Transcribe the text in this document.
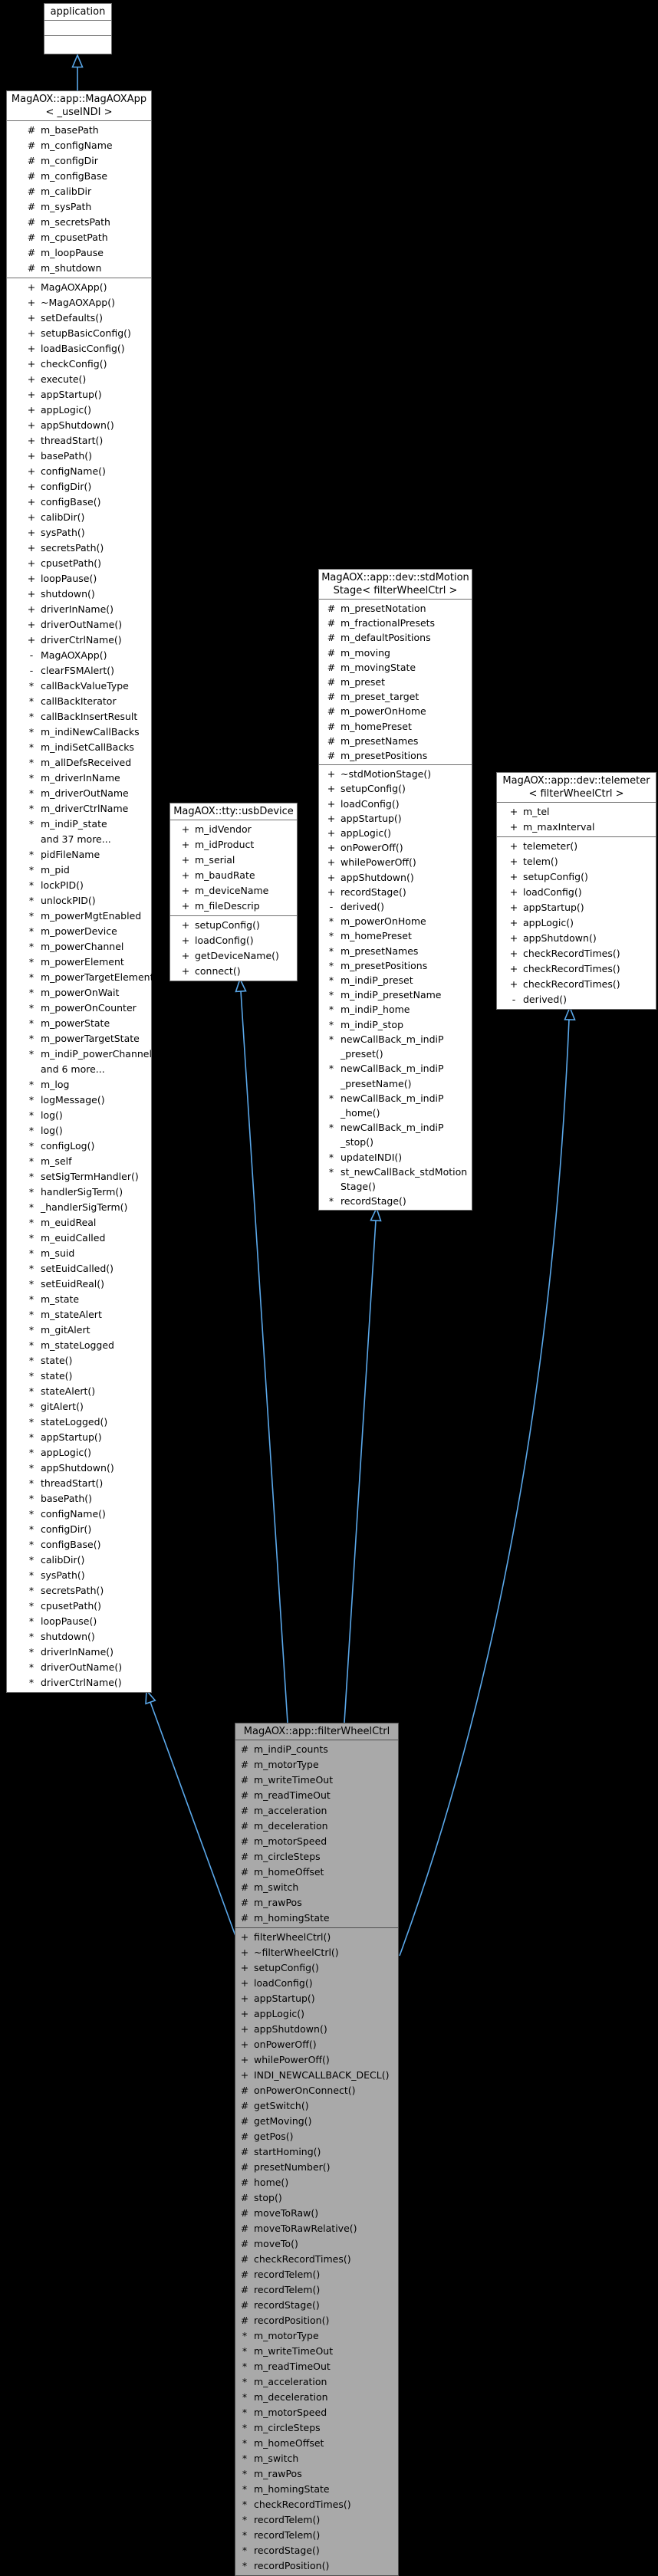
application
MagAOX::app::MagAOXApp
< _useINDI >
# m_basePath
# m_configName
# m_configDir
# m_configBase
# m_calibDir
# m_sysPath
# m_secretsPath
# m_cpusetPath
# m_loopPause
# m_shutdown
+ MagAOXApp()
+ ~MagAOXApp()
+ setDefaults()
+ setupBasicConfig()
+ loadBasicConfig()
+ checkConfig()
+ execute()
+ appStartup()
+ appLogic()
+ appShutdown()
+ threadStart()
+ basePath()
+ configName()
+ configDir()
+ configBase()
+ calibDir()
+ sysPath()
+ secretsPath()
+ cpusetPath()
+ loopPause()
+ shutdown()
+ driverInName()
+ driverOutName()
+ driverCtrlName()
- MagAOXApp()
- clearFSMAlert()
* callBackValueType
* callBackIterator
* callBackInsertResult
* m_indiNewCallBacks
* m_indiSetCallBacks
* m_allDefsReceived
* m_driverInName
* m_driverOutName
* m_driverCtrlName
* m_indiP_state
and 37 more...
* pidFileName
* m_pid
* lockPID()
* unlockPID()
* m_powerMgtEnabled
* m_powerDevice
* m_powerChannel
* m_powerElement
* m_powerTargetElement
* m_powerOnWait
* m_powerOnCounter
* m_powerState
* m_powerTargetState
* m_indiP_powerChannel
and 6 more...
* m_log
* logMessage()
* log()
* log()
* configLog()
* m_self
* setSigTermHandler()
* handlerSigTerm()
* _handlerSigTerm()
* m_euidReal
* m_euidCalled
* m_suid
* setEuidCalled()
* setEuidReal()
* m_state
* m_stateAlert
* m_gitAlert
* m_stateLogged
* state()
* state()
* stateAlert()
* gitAlert()
* stateLogged()
* appStartup()
* appLogic()
* appShutdown()
* threadStart()
* basePath()
* configName()
* configDir()
* configBase()
* calibDir()
* sysPath()
* secretsPath()
* cpusetPath()
* loopPause()
* shutdown()
* driverInName()
* driverOutName()
* driverCtrlName()
MagAOX::app::dev::stdMotion
Stage< filterWheelCtrl >
# m_presetNotation
# m_fractionalPresets
# m_defaultPositions
# m_moving
# m_movingState
# m_preset
# m_preset_target
# m_powerOnHome
# m_homePreset
# m_presetNames
# m_presetPositions
+ ~stdMotionStage()
+ setupConfig()
+ loadConfig()
+ appStartup()
+ appLogic()
+ onPowerOff()
+ whilePowerOff()
+ appShutdown()
+ recordStage()
- derived()
* m_powerOnHome
* m_homePreset
* m_presetNames
* m_presetPositions
* m_indiP_preset
* m_indiP_presetName
* m_indiP_home
* m_indiP_stop
* newCallBack_m_indiP
_preset()
* newCallBack_m_indiP
_presetName()
* newCallBack_m_indiP
_home()
* newCallBack_m_indiP
_stop()
* updateINDI()
* st_newCallBack_stdMotion
Stage()
* recordStage()
MagAOX::tty::usbDevice
+ m_idVendor
+ m_idProduct
+ m_serial
+ m_baudRate
+ m_deviceName
+ m_fileDescrip
+ setupConfig()
+ loadConfig()
+ getDeviceName()
+ connect()
MagAOX::app::dev::telemeter
< filterWheelCtrl >
+ m_tel
+ m_maxInterval
+ telemeter()
+ telem()
+ setupConfig()
+ loadConfig()
+ appStartup()
+ appLogic()
+ appShutdown()
+ checkRecordTimes()
+ checkRecordTimes()
+ checkRecordTimes()
- derived()
MagAOX::app::filterWheelCtrl
# m_indiP_counts
# m_motorType
# m_writeTimeOut
# m_readTimeOut
# m_acceleration
# m_deceleration
# m_motorSpeed
# m_circleSteps
# m_homeOffset
# m_switch
# m_rawPos
# m_homingState
+ filterWheelCtrl()
+ ~filterWheelCtrl()
+ setupConfig()
+ loadConfig()
+ appStartup()
+ appLogic()
+ appShutdown()
+ onPowerOff()
+ whilePowerOff()
+ INDI_NEWCALLBACK_DECL()
# onPowerOnConnect()
# getSwitch()
# getMoving()
# getPos()
# startHoming()
# presetNumber()
# home()
# stop()
# moveToRaw()
# moveToRawRelative()
# moveTo()
# checkRecordTimes()
# recordTelem()
# recordTelem()
# recordStage()
# recordPosition()
* m_motorType
* m_writeTimeOut
* m_readTimeOut
* m_acceleration
* m_deceleration
* m_motorSpeed
* m_circleSteps
* m_homeOffset
* m_switch
* m_rawPos
* m_homingState
* checkRecordTimes()
* recordTelem()
* recordTelem()
* recordStage()
* recordPosition()
